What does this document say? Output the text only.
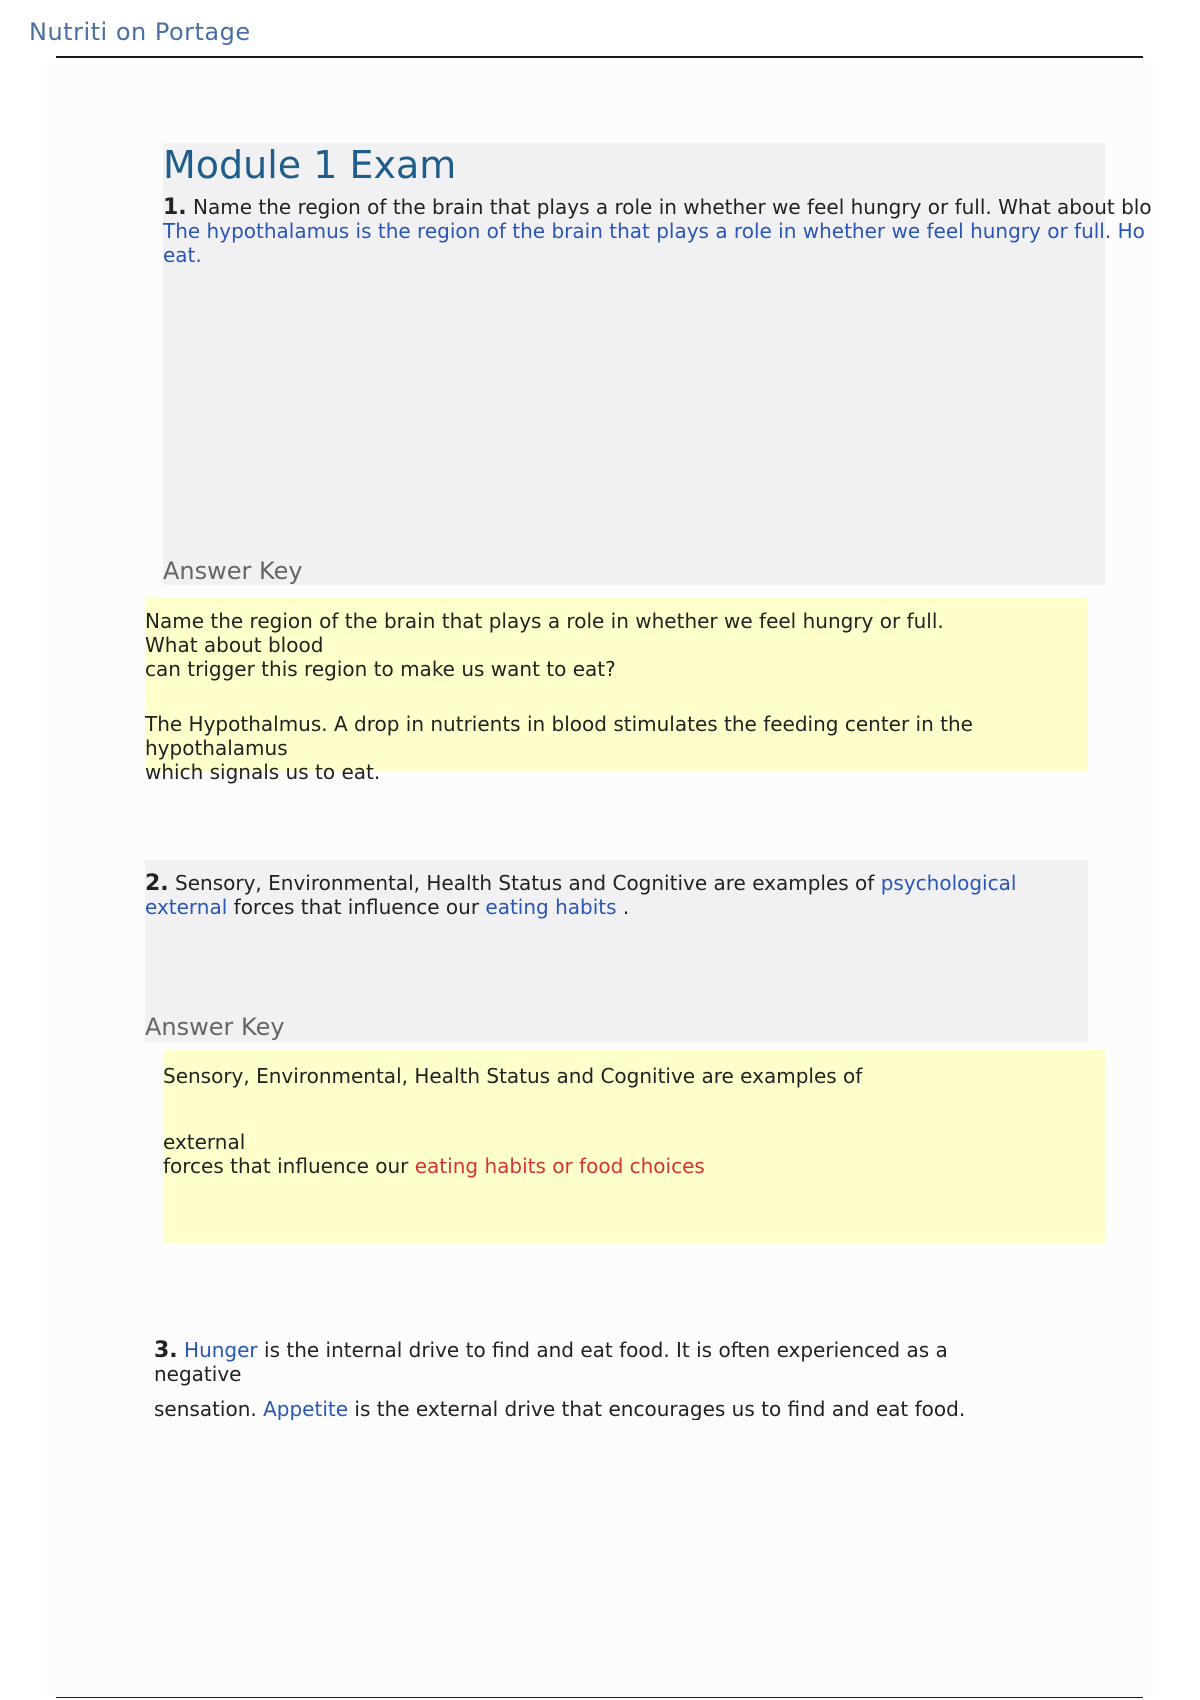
Nutriti on Portage
Module 1 Exam
1. Name the region of the brain that plays a role in whether we feel hungry or full. What about blo
The hypothalamus is the region of the brain that plays a role in whether we feel hungry or full. Ho
eat.
Answer Key
Name the region of the brain that plays a role in whether we feel hungry or full.
What about blood
can trigger this region to make us want to eat?
The Hypothalmus. A drop in nutrients in blood stimulates the feeding center in the
hypothalamus
which signals us to eat.
2. Sensory, Environmental, Health Status and Cognitive are examples of psychological
external forces that influence our eating habits .
Answer Key
Sensory, Environmental, Health Status and Cognitive are examples of
external
forces that influence our eating habits or food choices
3. Hunger is the internal drive to find and eat food. It is often experienced as a
negative
sensation. Appetite is the external drive that encourages us to find and eat food.
